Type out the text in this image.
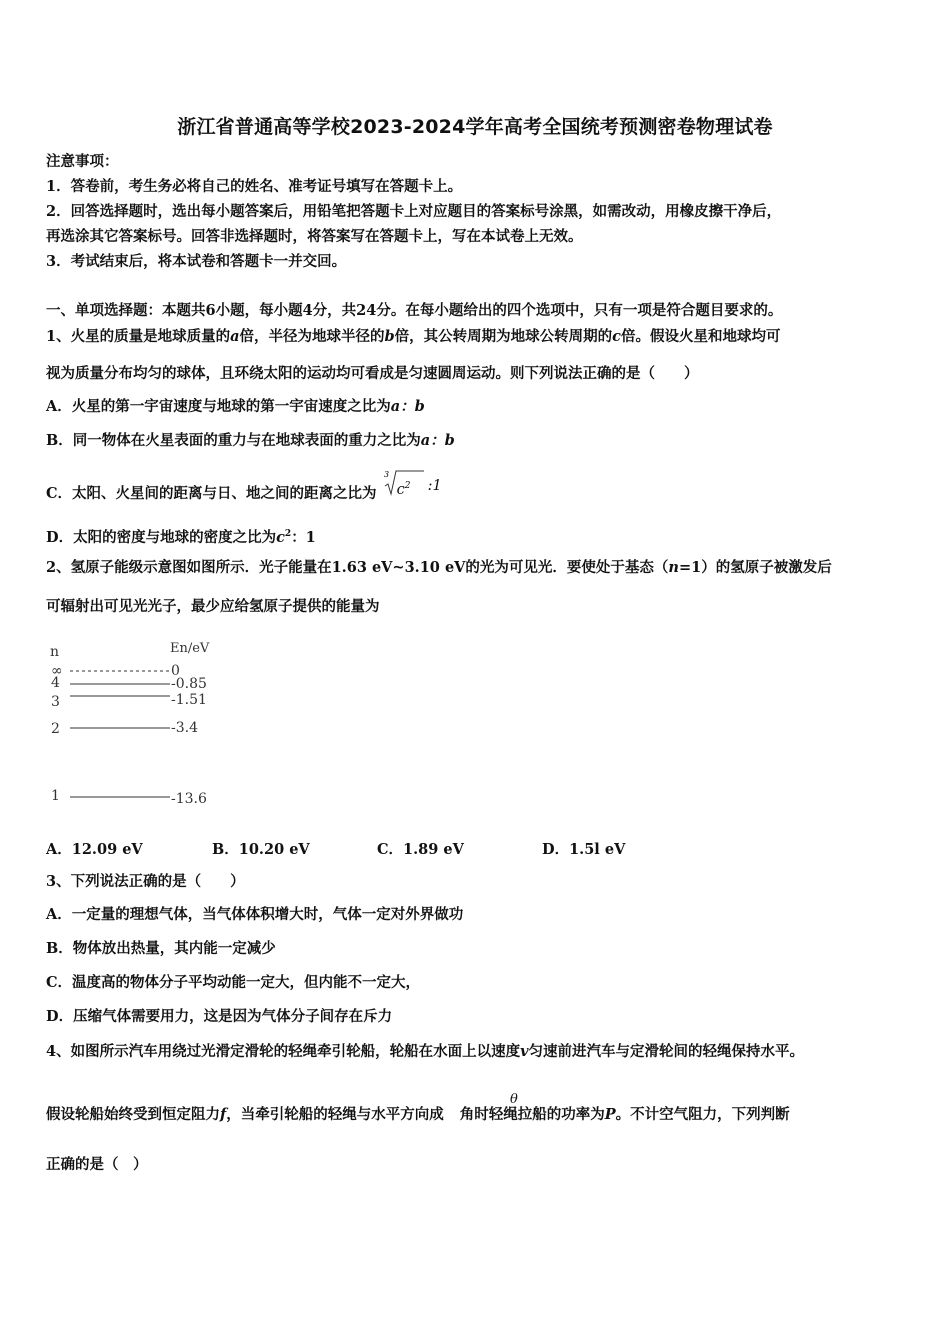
浙江省普通高等学校2023-2024学年高考全国统考预测密卷物理试卷
注意事项：
1．答卷前，考生务必将自己的姓名、准考证号填写在答题卡上。
2．回答选择题时，选出每小题答案后，用铅笔把答题卡上对应题目的答案标号涂黑，如需改动，用橡皮擦干净后，
再选涂其它答案标号。回答非选择题时，将答案写在答题卡上，写在本试卷上无效。
3．考试结束后，将本试卷和答题卡一并交回。
一、单项选择题：本题共6小题，每小题4分，共24分。在每小题给出的四个选项中，只有一项是符合题目要求的。
1、火星的质量是地球质量的a倍，半径为地球半径的b倍，其公转周期为地球公转周期的c倍。假设火星和地球均可
视为质量分布均匀的球体，且环绕太阳的运动均可看成是匀速圆周运动。则下列说法正确的是（　　）
A．火星的第一宇宙速度与地球的第一宇宙速度之比为a：b
B．同一物体在火星表面的重力与在地球表面的重力之比为a：b
C．太阳、火星间的距离与日、地之间的距离之比为
3
$c^2$ :1
D．太阳的密度与地球的密度之比为$c^2$：1
2、氢原子能级示意图如图所示．光子能量在1.63 eV~3.10 eV的光为可见光．要使处于基态（n=1）的氢原子被激发后
可辐射出可见光光子，最少应给氢原子提供的能量为
n	En/eV
∞	0
4	-0.85
3	-1.51
2	-3.4
1	-13.6
A．12.09 eV	B．10.20 eV	C．1.89 eV	D．1.5l eV
3、下列说法正确的是（　　）
A．一定量的理想气体，当气体体积增大时，气体一定对外界做功
B．物体放出热量，其内能一定减少
C．温度高的物体分子平均动能一定大，但内能不一定大，
D．压缩气体需要用力，这是因为气体分子间存在斥力
4、如图所示汽车用绕过光滑定滑轮的轻绳牵引轮船，轮船在水面上以速度v匀速前进汽车与定滑轮间的轻绳保持水平。
θ
假设轮船始终受到恒定阻力f，当牵引轮船的轻绳与水平方向成 角时轻绳拉船的功率为P。不计空气阻力，下列判断
正确的是（　）
